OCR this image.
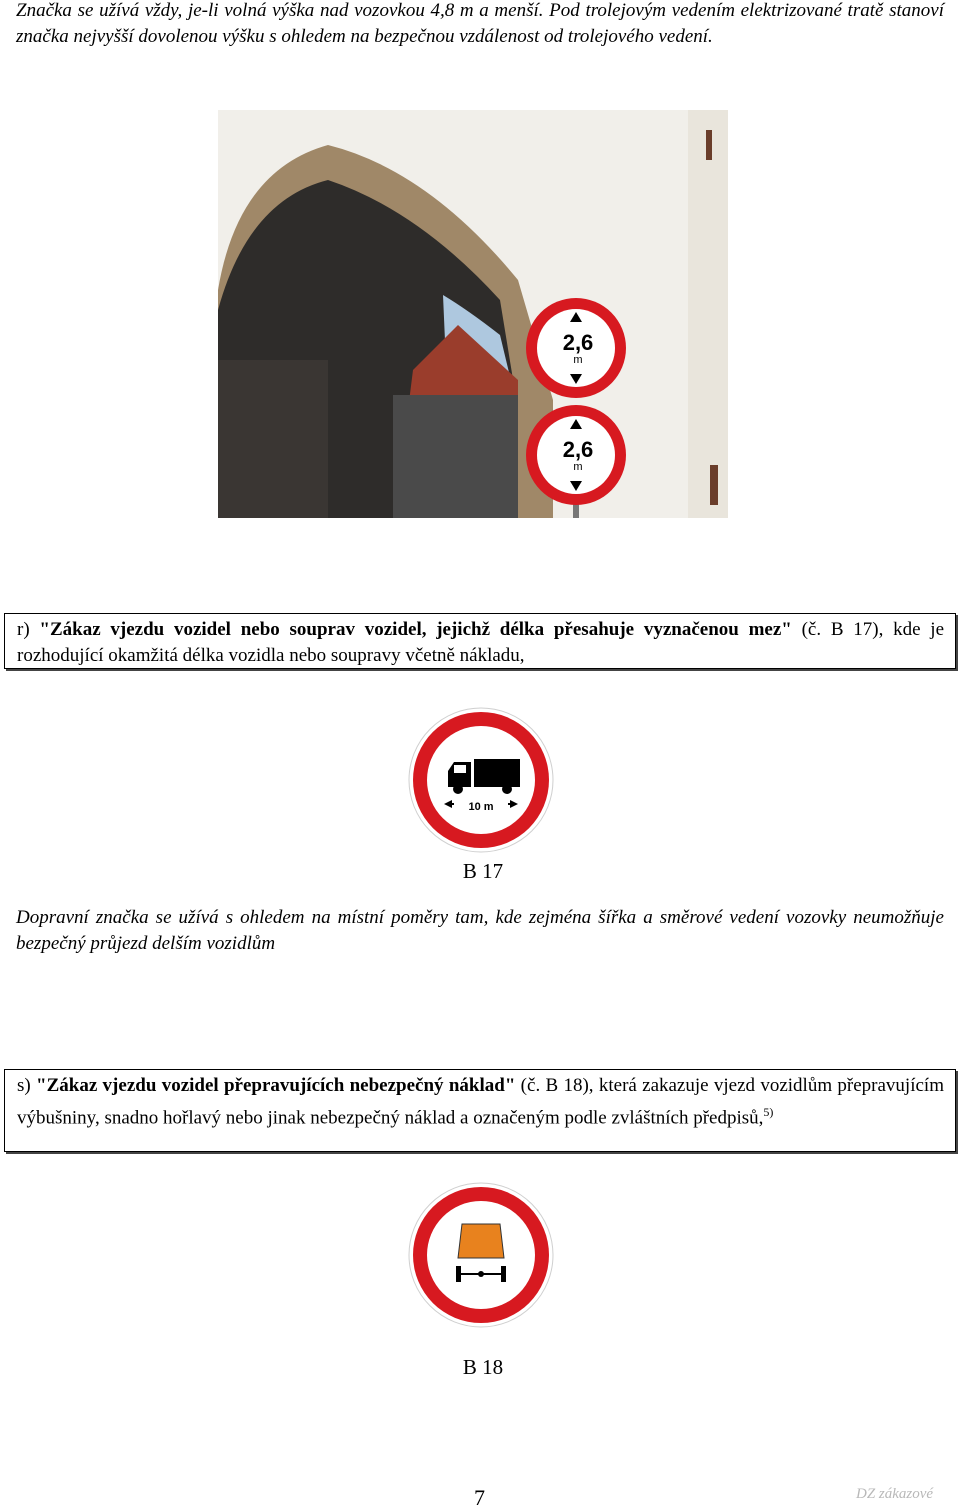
Značka se užívá vždy, je-li volná výška nad vozovkou 4,8 m a menší. Pod trolejovým vedením elektrizované tratě stanoví značka nejvyšší dovolenou výšku s ohledem na bezpečnou vzdálenost od trolejového vedení.
2,6
m
2,6
m
r) "Zákaz vjezdu vozidel nebo souprav vozidel, jejichž délka přesahuje vyznačenou mez" (č. B 17), kde je rozhodující okamžitá délka vozidla nebo soupravy včetně nákladu,
10 m
B 17
Dopravní značka se užívá s ohledem na místní poměry tam, kde zejména šířka a směrové vedení vozovky neumožňuje bezpečný průjezd delším vozidlům
s) "Zákaz vjezdu vozidel přepravujících nebezpečný náklad" (č. B 18), která zakazuje vjezd vozidlům přepravujícím výbušniny, snadno hořlavý nebo jinak nebezpečný náklad a označeným podle zvláštních předpisů,$^{5)}$
B 18
7	DZ zákazové
